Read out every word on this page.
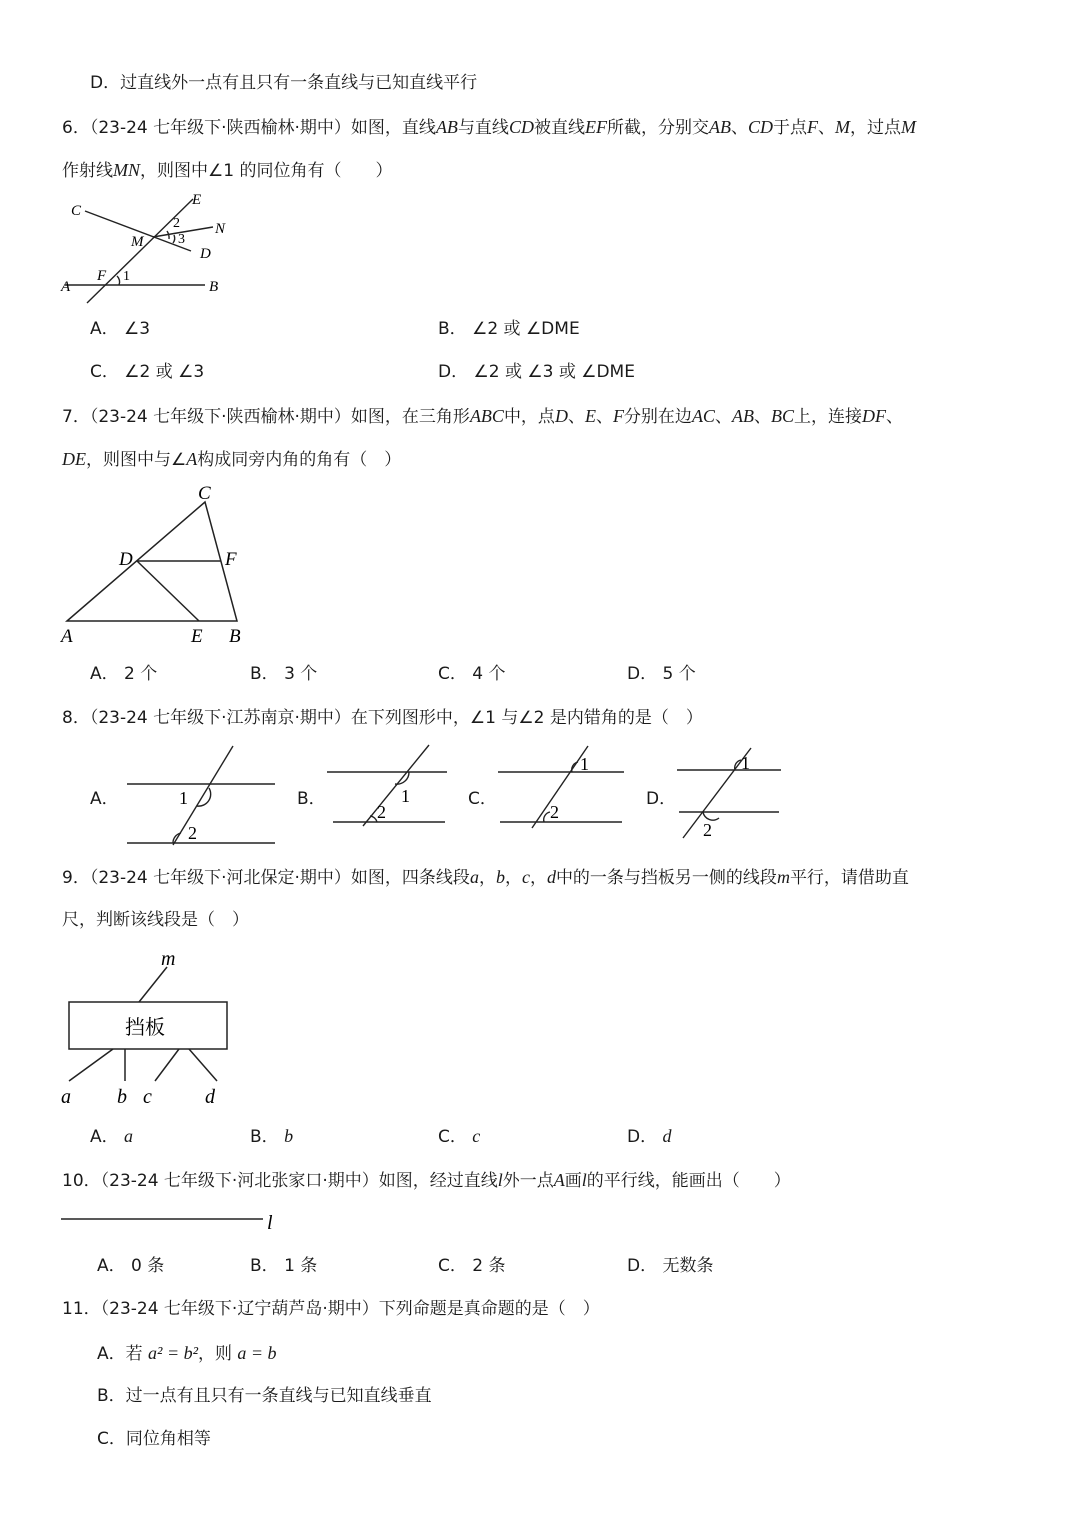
D．过直线外一点有且只有一条直线与已知直线平行
6．（23-24 七年级下·陕西榆林·期中）如图，直线AB与直线CD被直线EF所截，分别交AB、CD于点F、M，过点M
作射线MN，则图中∠1 的同位角有（　　）
C
E
2 N
M 3
D
F 1
A	B
A． ∠3	B． ∠2 或 ∠DME
C． ∠2 或 ∠3	D． ∠2 或 ∠3 或 ∠DME
7．（23-24 七年级下·陕西榆林·期中）如图，在三角形ABC中，点D、E、F分别在边AC、AB、BC上，连接DF、
DE，则图中与∠A构成同旁内角的角有（　）
C
D	F
A	E B
A． 2 个	B． 3 个	C． 4 个	D． 5 个
8．（23-24 七年级下·江苏南京·期中）在下列图形中，∠1 与∠2 是内错角的是（　）
A．	1
2
B．	1
2
C．
1
2
D．
1
2
9．（23-24 七年级下·河北保定·期中）如图，四条线段a，b，c，d中的一条与挡板另一侧的线段m平行，请借助直
尺，判断该线段是（　）
m
挡板
a b c	d
A． a	B． b	C． c	D． d
10．（23-24 七年级下·河北张家口·期中）如图，经过直线l外一点A画l的平行线，能画出（　　）
l
A． 0 条	B． 1 条	C． 2 条	D． 无数条
11．（23-24 七年级下·辽宁葫芦岛·期中）下列命题是真命题的是（　）
A．若 a² = b²，则 a = b
B．过一点有且只有一条直线与已知直线垂直
C．同位角相等
